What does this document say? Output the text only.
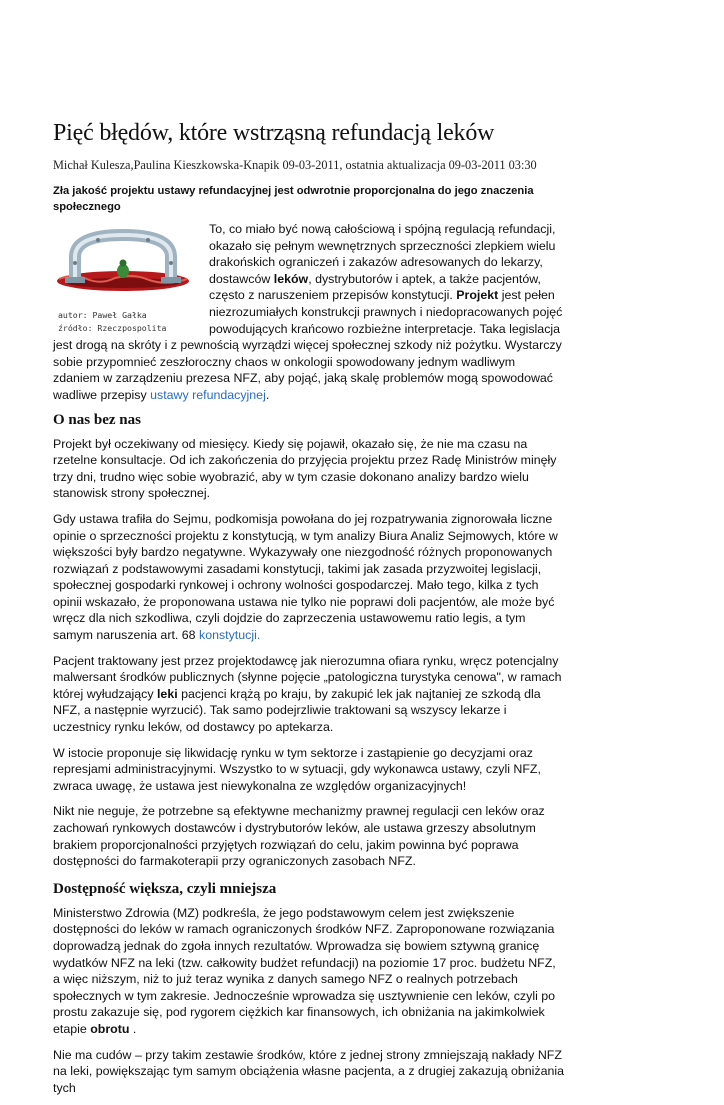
Pięć błędów, które wstrząsną refundacją leków
Michał Kulesza,Paulina Kieszkowska-Knapik 09-03-2011, ostatnia aktualizacja 09-03-2011 03:30
Zła jakość projektu ustawy refundacyjnej jest odwrotnie proporcjonalna do jego znaczenia społecznego
autor: Paweł Gałka
źródło: Rzeczpospolita

To, co miało być nową całościową i spójną regulacją refundacji, okazało się pełnym wewnętrznych sprzeczności zlepkiem wielu drakońskich ograniczeń i zakazów adresowanych do lekarzy, dostawców leków, dystrybutorów i aptek, a także pacjentów, często z naruszeniem przepisów konstytucji. Projekt jest pełen niezrozumiałych konstrukcji prawnych i niedopracowanych pojęć powodujących krańcowo rozbieżne interpretacje. Taka legislacja jest drogą na skróty i z pewnością wyrządzi więcej społecznej szkody niż pożytku. Wystarczy sobie przypomnieć zeszłoroczny chaos w onkologii spowodowany jednym wadliwym zdaniem w zarządzeniu prezesa NFZ, aby pojąć, jaką skalę problemów mogą spowodować wadliwe przepisy ustawy refundacyjnej.

O nas bez nas

Projekt był oczekiwany od miesięcy. Kiedy się pojawił, okazało się, że nie ma czasu na rzetelne konsultacje. Od ich zakończenia do przyjęcia projektu przez Radę Ministrów minęły trzy dni, trudno więc sobie wyobrazić, aby w tym czasie dokonano analizy bardzo wielu stanowisk strony społecznej.

Gdy ustawa trafiła do Sejmu, podkomisja powołana do jej rozpatrywania zignorowała liczne opinie o sprzeczności projektu z konstytucją, w tym analizy Biura Analiz Sejmowych, które w większości były bardzo negatywne. Wykazywały one niezgodność różnych proponowanych rozwiązań z podstawowymi zasadami konstytucji, takimi jak zasada przyzwoitej legislacji, społecznej gospodarki rynkowej i ochrony wolności gospodarczej. Mało tego, kilka z tych opinii wskazało, że proponowana ustawa nie tylko nie poprawi doli pacjentów, ale może być wręcz dla nich szkodliwa, czyli dojdzie do zaprzeczenia ustawowemu ratio legis, a tym samym naruszenia art. 68 konstytucji.

Pacjent traktowany jest przez projektodawcę jak nierozumna ofiara rynku, wręcz potencjalny malwersant środków publicznych (słynne pojęcie „patologiczna turystyka cenowa", w ramach której wyłudzający leki pacjenci krążą po kraju, by zakupić lek jak najtaniej ze szkodą dla NFZ, a następnie wyrzucić). Tak samo podejrzliwie traktowani są wszyscy lekarze i uczestnicy rynku leków, od dostawcy po aptekarza.

W istocie proponuje się likwidację rynku w tym sektorze i zastąpienie go decyzjami oraz represjami administracyjnymi. Wszystko to w sytuacji, gdy wykonawca ustawy, czyli NFZ, zwraca uwagę, że ustawa jest niewykonalna ze względów organizacyjnych!

Nikt nie neguje, że potrzebne są efektywne mechanizmy prawnej regulacji cen leków oraz zachowań rynkowych dostawców i dystrybutorów leków, ale ustawa grzeszy absolutnym brakiem proporcjonalności przyjętych rozwiązań do celu, jakim powinna być poprawa dostępności do farmakoterapii przy ograniczonych zasobach NFZ.

Dostępność większa, czyli mniejsza

Ministerstwo Zdrowia (MZ) podkreśla, że jego podstawowym celem jest zwiększenie dostępności do leków w ramach ograniczonych środków NFZ. Zaproponowane rozwiązania doprowadzą jednak do zgoła innych rezultatów. Wprowadza się bowiem sztywną granicę wydatków NFZ na leki (tzw. całkowity budżet refundacji) na poziomie 17 proc. budżetu NFZ, a więc niższym, niż to już teraz wynika z danych samego NFZ o realnych potrzebach społecznych w tym zakresie. Jednocześnie wprowadza się usztywnienie cen leków, czyli po prostu zakazuje się, pod rygorem ciężkich kar finansowych, ich obniżania na jakimkolwiek etapie obrotu .

Nie ma cudów – przy takim zestawie środków, które z jednej strony zmniejszają nakłady NFZ na leki, powiększając tym samym obciążenia własne pacjenta, a z drugiej zakazują obniżania tych
